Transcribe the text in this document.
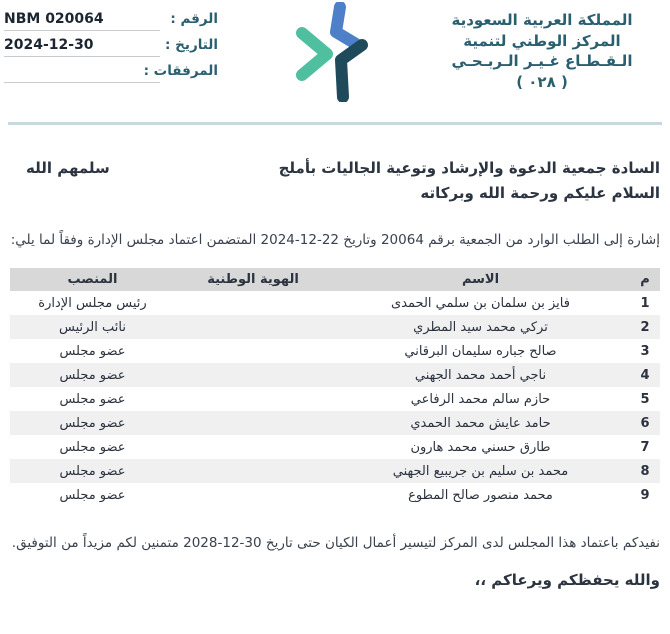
NBM 020064	الرقم :
2024-12-30	التاريخ :
المرفقات :
المملكة العربية السعودية
المركز الوطني لتنمية
الـقـطـاع غـيـر الـربـحـي
( ٠٢٨ )
السادة جمعية الدعوة والإرشاد وتوعية الجاليات بأملج
سلمهم الله
السلام عليكم ورحمة الله وبركاته
إشارة إلى الطلب الوارد من الجمعية برقم 20064 وتاريخ 22-12-2024 المتضمن اعتماد مجلس الإدارة وفقاً لما يلي:
م	الاسم	الهوية الوطنية	المنصب
1	فايز بن سلمان بن سلمي الحمدى		رئيس مجلس الإدارة
2	تركي محمد سيد المطري		نائب الرئيس
3	صالح جباره سليمان البرقاني		عضو مجلس
4	ناجي أحمد محمد الجهني		عضو مجلس
5	حازم سالم محمد الرفاعي		عضو مجلس
6	حامد عايش محمد الحمدي		عضو مجلس
7	طارق حسني محمد هارون		عضو مجلس
8	محمد بن سليم بن جريبيع الجهني		عضو مجلس
9	محمد منصور صالح المطوع		عضو مجلس
نفيدكم باعتماد هذا المجلس لدى المركز لتيسير أعمال الكيان حتى تاريخ 30-12-2028 متمنين لكم مزيداً من التوفيق.
والله يحفظكم ويرعاكم ،،
